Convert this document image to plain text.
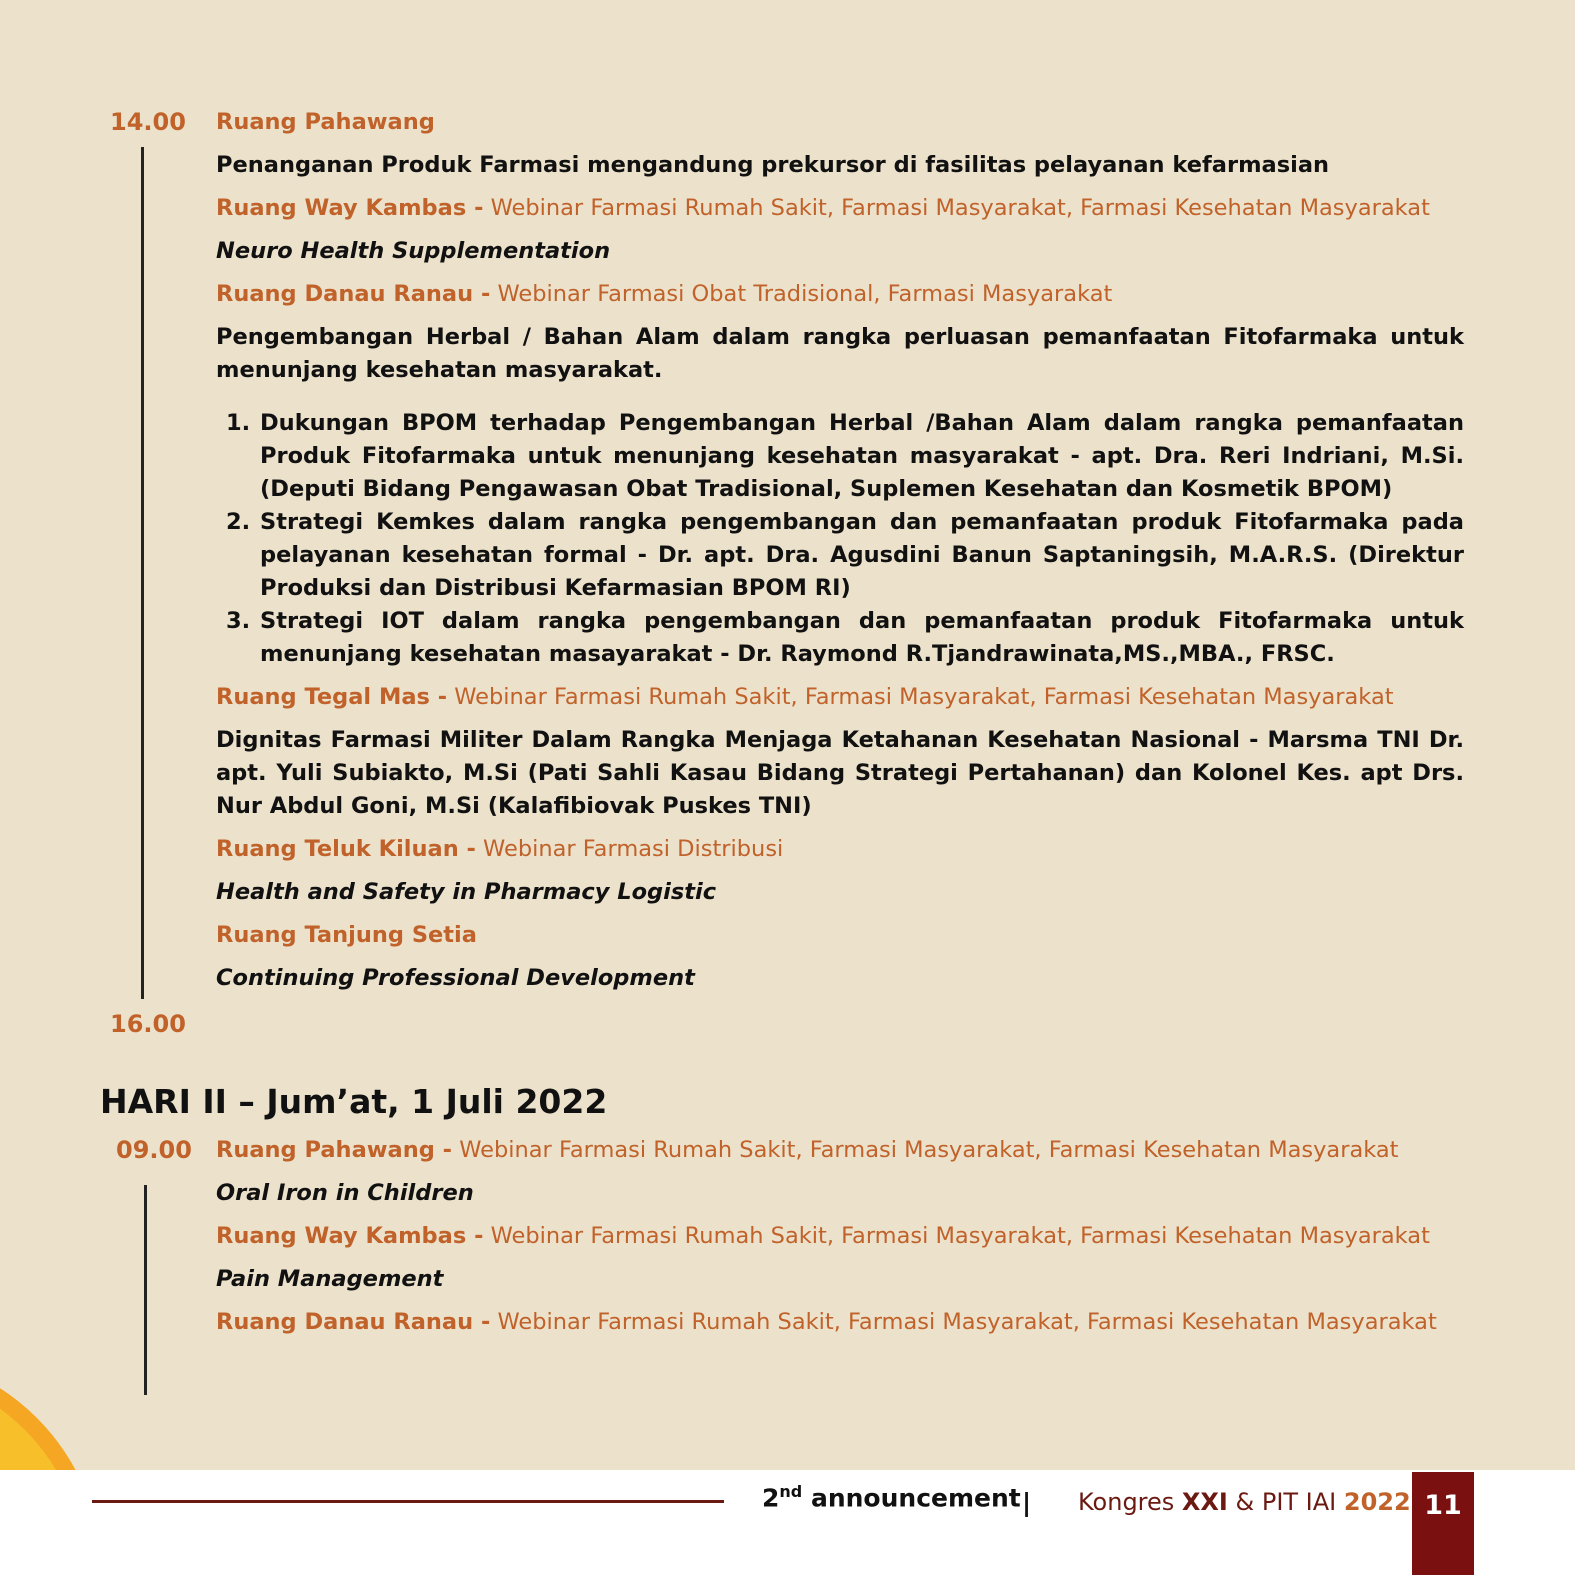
14.00
16.00

Ruang Pahawang

Penanganan Produk Farmasi mengandung prekursor di fasilitas pelayanan kefarmasian

Ruang Way Kambas - Webinar Farmasi Rumah Sakit, Farmasi Masyarakat, Farmasi Kesehatan Masyarakat

Neuro Health Supplementation

Ruang Danau Ranau - Webinar Farmasi Obat Tradisional, Farmasi Masyarakat

Pengembangan Herbal / Bahan Alam dalam rangka perluasan pemanfaatan Fitofarmaka untuk menunjang kesehatan masyarakat.

1. Dukungan BPOM terhadap Pengembangan Herbal /Bahan Alam dalam rangka pemanfaatan Produk Fitofarmaka untuk menunjang kesehatan masyarakat - apt. Dra. Reri Indriani, M.Si. (Deputi Bidang Pengawasan Obat Tradisional, Suplemen Kesehatan dan Kosmetik BPOM)
2. Strategi Kemkes dalam rangka pengembangan dan pemanfaatan produk Fitofarmaka pada pelayanan kesehatan formal - Dr. apt. Dra. Agusdini Banun Saptaningsih, M.A.R.S. (Direktur Produksi dan Distribusi Kefarmasian BPOM RI)
3. Strategi IOT dalam rangka pengembangan dan pemanfaatan produk Fitofarmaka untuk menunjang kesehatan masayarakat - Dr. Raymond R.Tjandrawinata,MS.,MBA., FRSC.

Ruang Tegal Mas - Webinar Farmasi Rumah Sakit, Farmasi Masyarakat, Farmasi Kesehatan Masyarakat

Dignitas Farmasi Militer Dalam Rangka Menjaga Ketahanan Kesehatan Nasional - Marsma TNI Dr. apt. Yuli Subiakto, M.Si (Pati Sahli Kasau Bidang Strategi Pertahanan) dan Kolonel Kes. apt Drs. Nur Abdul Goni, M.Si (Kalafibiovak Puskes TNI)

Ruang Teluk Kiluan - Webinar Farmasi Distribusi

Health and Safety in Pharmacy Logistic

Ruang Tanjung Setia

Continuing Professional Development

HARI II – Jum’at, 1 Juli 2022
09.00 Ruang Pahawang - Webinar Farmasi Rumah Sakit, Farmasi Masyarakat, Farmasi Kesehatan Masyarakat

Oral Iron in Children

Ruang Way Kambas - Webinar Farmasi Rumah Sakit, Farmasi Masyarakat, Farmasi Kesehatan Masyarakat

Pain Management

Ruang Danau Ranau - Webinar Farmasi Rumah Sakit, Farmasi Masyarakat, Farmasi Kesehatan Masyarakat

2nd announcement | Kongres XXI & PIT IAI 2022 11
